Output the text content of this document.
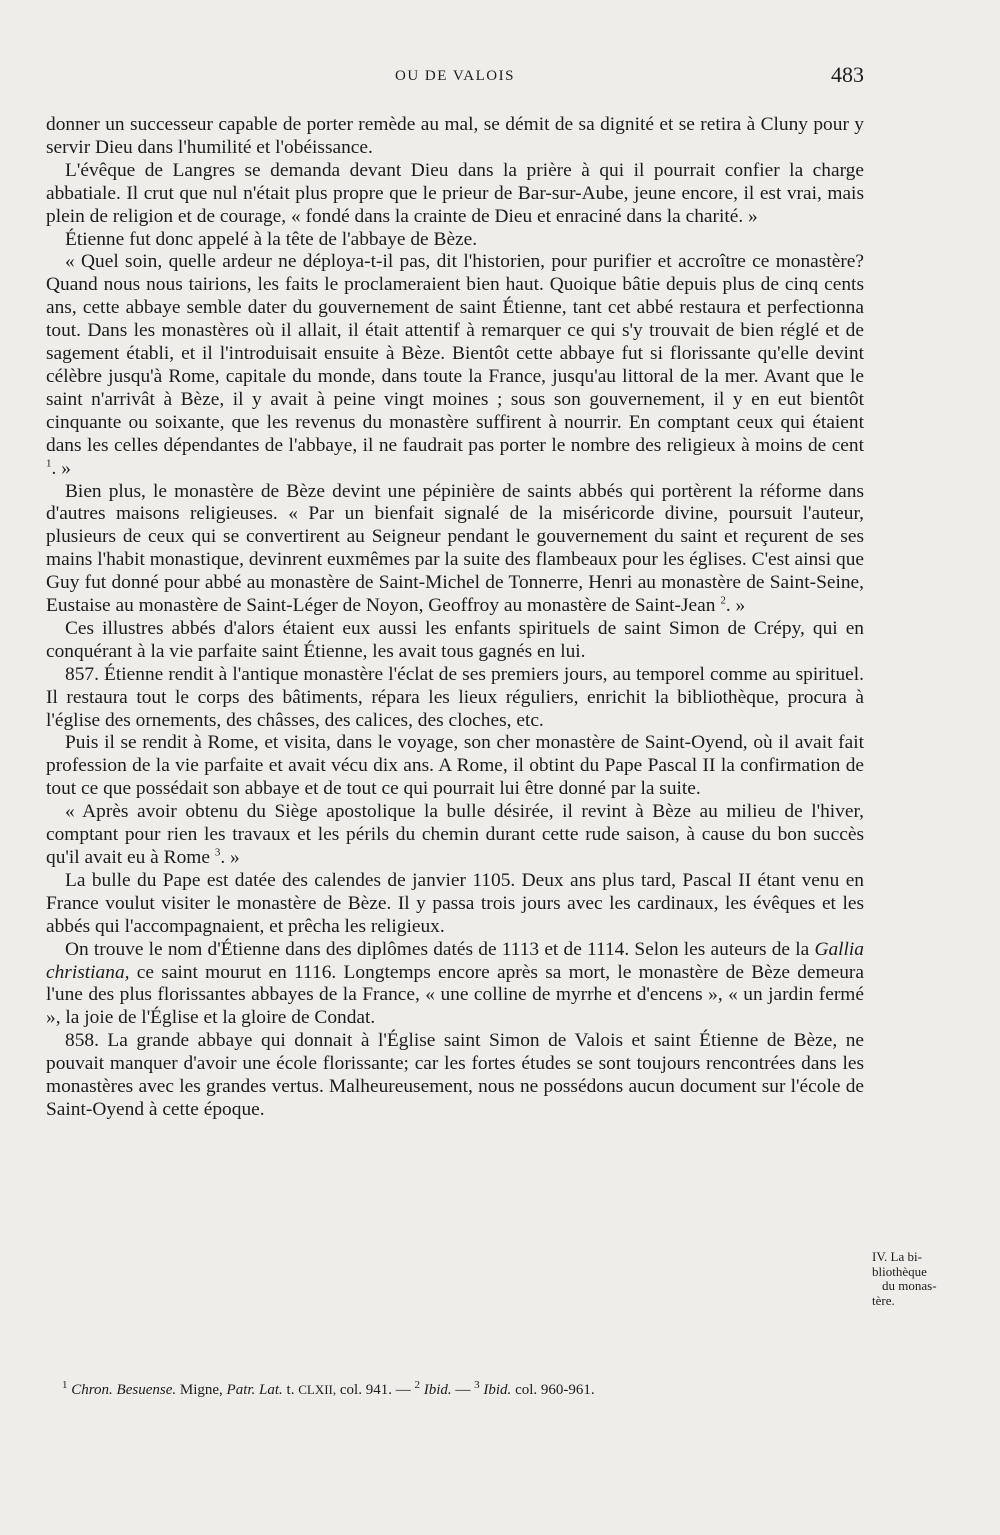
OU DE VALOIS	483

donner un successeur capable de porter remède au mal, se démit de sa dignité et se retira à Cluny pour y servir Dieu dans l'humilité et l'obéissance.

L'évêque de Langres se demanda devant Dieu dans la prière à qui il pourrait confier la charge abbatiale. Il crut que nul n'était plus propre que le prieur de Bar-sur-Aube, jeune encore, il est vrai, mais plein de religion et de courage, « fondé dans la crainte de Dieu et enraciné dans la charité. »

Étienne fut donc appelé à la tête de l'abbaye de Bèze.

« Quel soin, quelle ardeur ne déploya-t-il pas, dit l'historien, pour purifier et accroître ce monastère? Quand nous nous tairions, les faits le proclameraient bien haut. Quoique bâtie depuis plus de cinq cents ans, cette abbaye semble dater du gouvernement de saint Étienne, tant cet abbé restaura et perfectionna tout. Dans les monastères où il allait, il était attentif à remarquer ce qui s'y trouvait de bien réglé et de sagement établi, et il l'introduisait ensuite à Bèze. Bientôt cette abbaye fut si florissante qu'elle devint célèbre jusqu'à Rome, capitale du monde, dans toute la France, jusqu'au littoral de la mer. Avant que le saint n'arrivât à Bèze, il y avait à peine vingt moines ; sous son gouvernement, il y en eut bientôt cinquante ou soixante, que les revenus du monastère suffirent à nourrir. En comptant ceux qui étaient dans les celles dépendantes de l'abbaye, il ne faudrait pas porter le nombre des religieux à moins de cent $^1$. »

Bien plus, le monastère de Bèze devint une pépinière de saints abbés qui portèrent la réforme dans d'autres maisons religieuses. « Par un bienfait signalé de la miséricorde divine, poursuit l'auteur, plusieurs de ceux qui se convertirent au Seigneur pendant le gouvernement du saint et reçurent de ses mains l'habit monastique, devinrent euxmêmes par la suite des flambeaux pour les églises. C'est ainsi que Guy fut donné pour abbé au monastère de Saint-Michel de Tonnerre, Henri au monastère de Saint-Seine, Eustaise au monastère de Saint-Léger de Noyon, Geoffroy au monastère de Saint-Jean $^2$. »

Ces illustres abbés d'alors étaient eux aussi les enfants spirituels de saint Simon de Crépy, qui en conquérant à la vie parfaite saint Étienne, les avait tous gagnés en lui.

857. Étienne rendit à l'antique monastère l'éclat de ses premiers jours, au temporel comme au spirituel. Il restaura tout le corps des bâtiments, répara les lieux réguliers, enrichit la bibliothèque, procura à l'église des ornements, des châsses, des calices, des cloches, etc.

Puis il se rendit à Rome, et visita, dans le voyage, son cher monastère de Saint-Oyend, où il avait fait profession de la vie parfaite et avait vécu dix ans. A Rome, il obtint du Pape Pascal II la confirmation de tout ce que possédait son abbaye et de tout ce qui pourrait lui être donné par la suite.

« Après avoir obtenu du Siège apostolique la bulle désirée, il revint à Bèze au milieu de l'hiver, comptant pour rien les travaux et les périls du chemin durant cette rude saison, à cause du bon succès qu'il avait eu à Rome $^3$. »

La bulle du Pape est datée des calendes de janvier 1105. Deux ans plus tard, Pascal II étant venu en France voulut visiter le monastère de Bèze. Il y passa trois jours avec les cardinaux, les évêques et les abbés qui l'accompagnaient, et prêcha les religieux.

On trouve le nom d'Étienne dans des diplômes datés de 1113 et de 1114. Selon les auteurs de la Gallia christiana, ce saint mourut en 1116. Longtemps encore après sa mort, le monastère de Bèze demeura l'une des plus florissantes abbayes de la France, « une colline de myrrhe et d'encens », « un jardin fermé », la joie de l'Église et la gloire de Condat.

858. La grande abbaye qui donnait à l'Église saint Simon de Valois et saint Étienne de Bèze, ne pouvait manquer d'avoir une école florissante; car les fortes études se sont toujours rencontrées dans les monastères avec les grandes vertus. Malheureusement, nous ne possédons aucun document sur l'école de Saint-Oyend à cette époque.

IV. La bi-
bliothèque
du monas-
tère.
$^1$ Chron. Besuense. Migne, Patr. Lat. t. CLXII, col. 941. — $^2$ Ibid. — $^3$ Ibid. col. 960-961.
